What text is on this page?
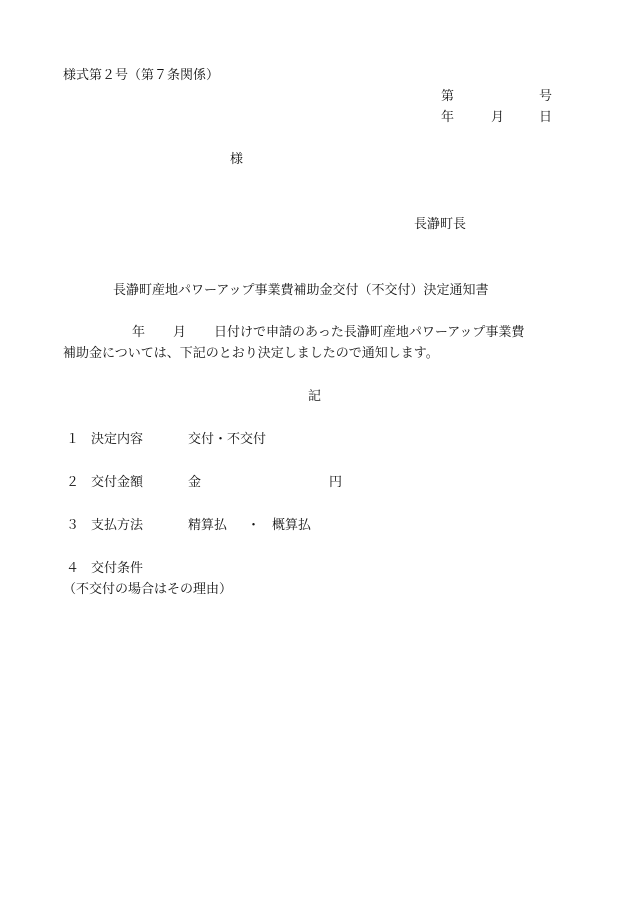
様式第２号（第７条関係）
第	号
年	月	日
様
長瀞町長
長瀞町産地パワーアップ事業費補助金交付（不交付）決定通知書
年 月 日付けで申請のあった長瀞町産地パワーアップ事業費
補助金については、下記のとおり決定しましたので通知します。
記
１ 決定内容	交付・不交付
２ 交付金額	金	円
３ 支払方法	精算払 ・ 概算払
４ 交付条件
（不交付の場合はその理由）
